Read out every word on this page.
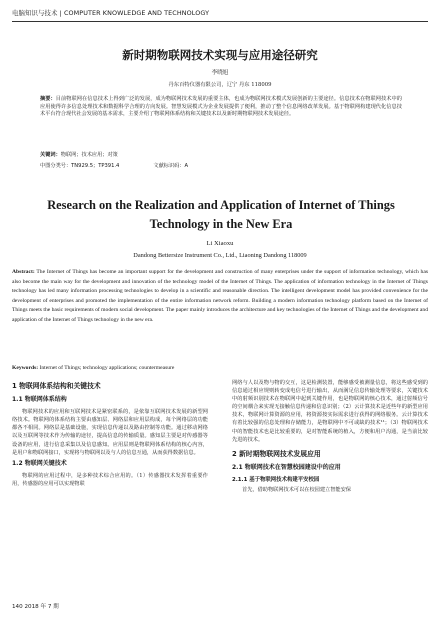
电脑知识与技术 | COMPUTER KNOWLEDGE AND TECHNOLOGY
新时期物联网技术实现与应用途径研究
李晓旭
丹东百特仪器有限公司，辽宁 丹东 118009
摘要：目前物联网在信息技术上得到广泛的发展，成为物联网技术发展的重要主体，也成为物联网技术模式发展创新的主要途径。信息技术在物联网技术中的应用使得许多信息处理技术和数据科学合理的方向发展。智慧发展模式为企业发展提供了便利，推动了整个信息网络改革发展。基于物联网构建现代化信息技术平台符合现代社会发展的基本需求，主要介绍了物联网体系结构和关键技术以及新时期物联网技术发展途径。
关键词：物联网；技术应用；对策
中图分类号：TN929.5；TP391.4	文献标识码：A
Research on the Realization and Application of Internet of Things Technology in the New Era
Li Xiaoxu
Dandong Bettersize Instrument Co., Ltd., Liaoning Dandong 118009
Abstract: The Internet of Things has become an important support for the development and construction of many enterprises under the support of information technology, which has also become the main way for the development and innovation of the technology model of the Internet of Things. The application of information technology in the Internet of Things technology has led many information processing technologies to develop in a scientific and reasonable direction. The intelligent development model has provided convenience for the development of enterprises and promoted the implementation of the entire information network reform. Building a modern information technology platform based on the Internet of Things meets the basic requirements of modern social development. The paper mainly introduces the architecture and key technologies of the Internet of Things and the development and application of the Internet of Things technology in the new era.
Keywords: Internet of Things; technology applications; countermeasure
1 物联网体系结构和关键技术
1.1 物联网体系结构
物联网技术的应用和互联网技术是紧密联系的，是依靠互联网技术发展的新型网络技术。物联网的体系结构主要由感知层、网络层和应用层构成，每个网络层的功能都各不相同。网络层是基础设施，实现信息传递以及路由控制等功能。通过移动网络以及互联网等技术作为传输的途径，提高信息的传输质量。感知层主要是对传感器等设备的应用，进行信息采集以及信息感知。应用层则是物联网体系结构的核心内容，是用户和物联网接口，实现将与物联网以及与人的信息互通，从而获得数据信息。
1.2 物联网关键技术
物联网的应用过程中，是多种技术综合应用的。（1）传感器技术发挥着重要作用，传感器的应用可以实现物联
网络与人以及物与物的交互，这是检测装置，能够感受被测量信息，将这些感受到的信息通过相应规则转变成电信号进行输出，从而满足信息传输处理等要求，关键技术中的射频识别技术在物联网中起到关键作用，也是物联网的核心技术，通过射频信号的空间耦合来实现无接触信息传递和信息识别；（2）云计算技术是近些年的新型应用技术，物联网计算资源的应用，将资源按实际需求进行获得的网络服务。云计算技术有着比较强的信息处理和存储能力，是物联网中不可或缺的技术¹¹；（3）物联网技术中的智能技术也是比较重要的，是对智能系统的植入，方便和用户沟通，是当前比较先进的技术。
2 新时期物联网技术发展应用
2.1 物联网技术在智慧校园建设中的应用
2.1.1 基于物联网技术构建平安校园
首先，借助物联网技术可以在校园建立智能安保
140 2018 年 7 期
